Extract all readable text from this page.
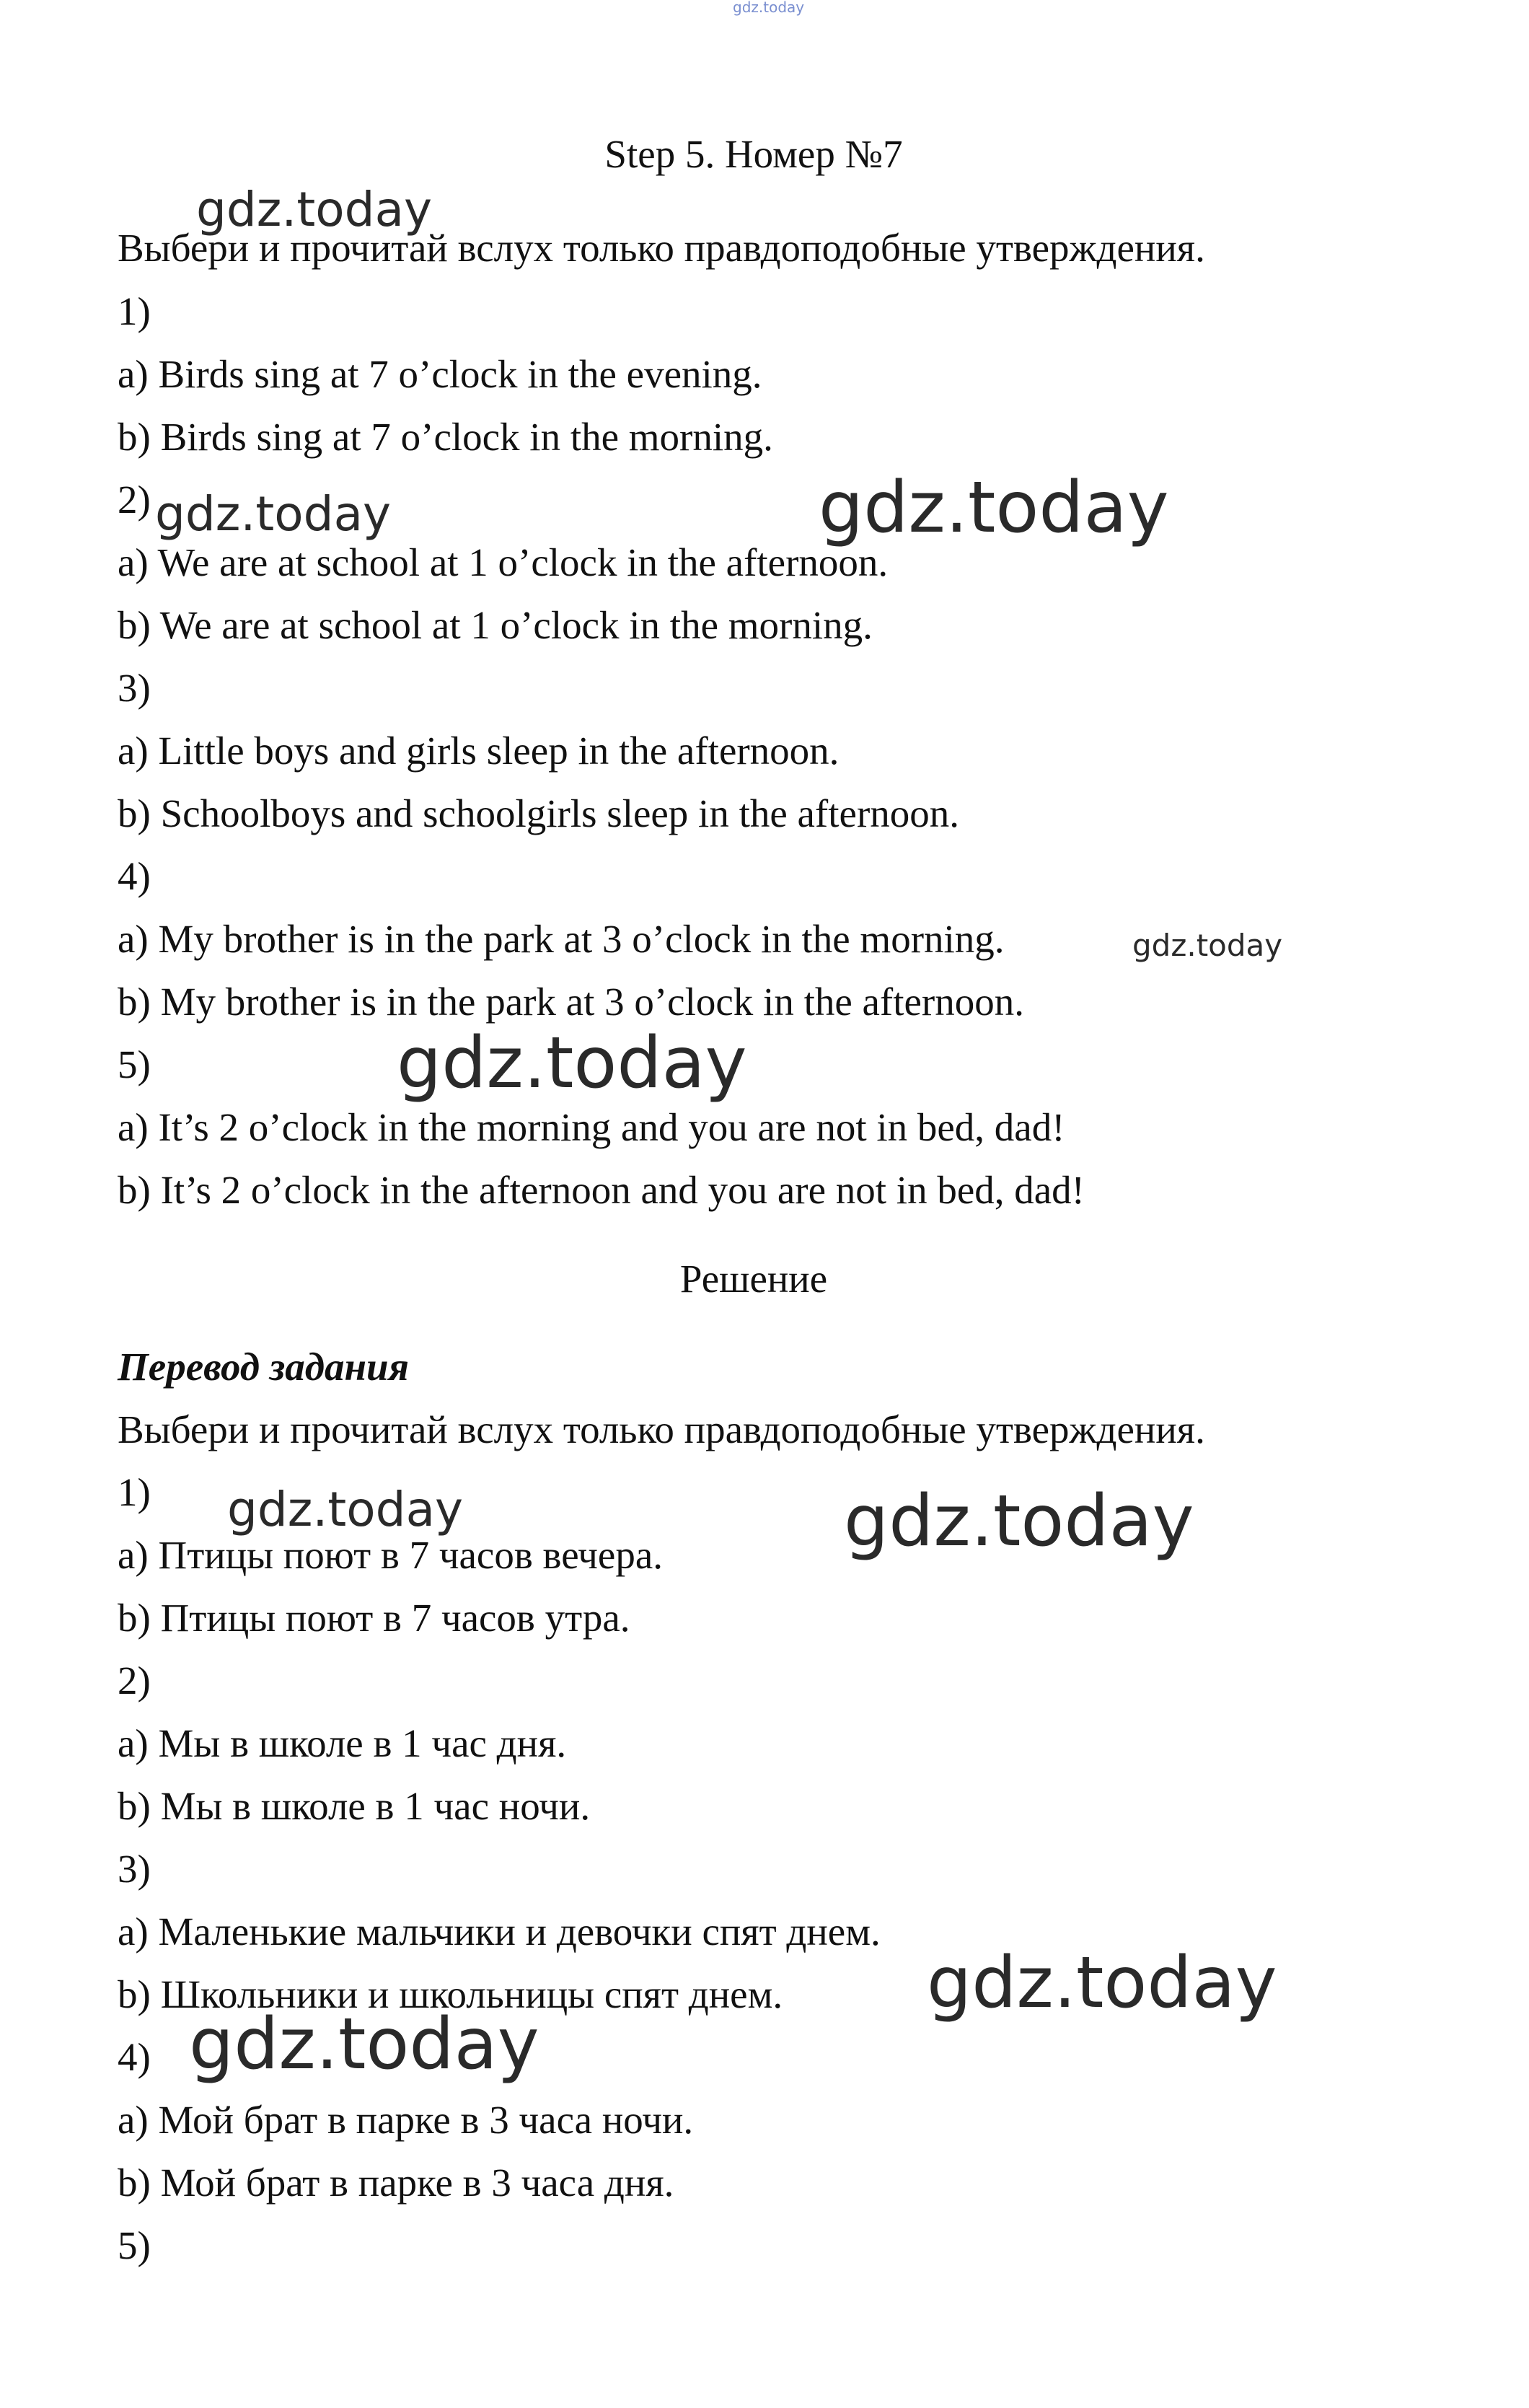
gdz.today
gdz.today
gdz.today	gdz.today
gdz.today
gdz.today
gdz.today	gdz.today
gdz.today
gdz.today
Step 5. Номер №7
Выбери и прочитай вслух только правдоподобные утверждения.
1)
a) Birds sing at 7 o’clock in the evening.
b) Birds sing at 7 o’clock in the morning.
2)
a) We are at school at 1 o’clock in the afternoon.
b) We are at school at 1 o’clock in the morning.
3)
a) Little boys and girls sleep in the afternoon.
b) Schoolboys and schoolgirls sleep in the afternoon.
4)
a) My brother is in the park at 3 o’clock in the morning.
b) My brother is in the park at 3 o’clock in the afternoon.
5)
a) It’s 2 o’clock in the morning and you are not in bed, dad!
b) It’s 2 o’clock in the afternoon and you are not in bed, dad!
Решение
Перевод задания
Выбери и прочитай вслух только правдоподобные утверждения.
1)
a) Птицы поют в 7 часов вечера.
b) Птицы поют в 7 часов утра.
2)
a) Мы в школе в 1 час дня.
b) Мы в школе в 1 час ночи.
3)
a) Маленькие мальчики и девочки спят днем.
b) Школьники и школьницы спят днем.
4)
a) Мой брат в парке в 3 часа ночи.
b) Мой брат в парке в 3 часа дня.
5)
